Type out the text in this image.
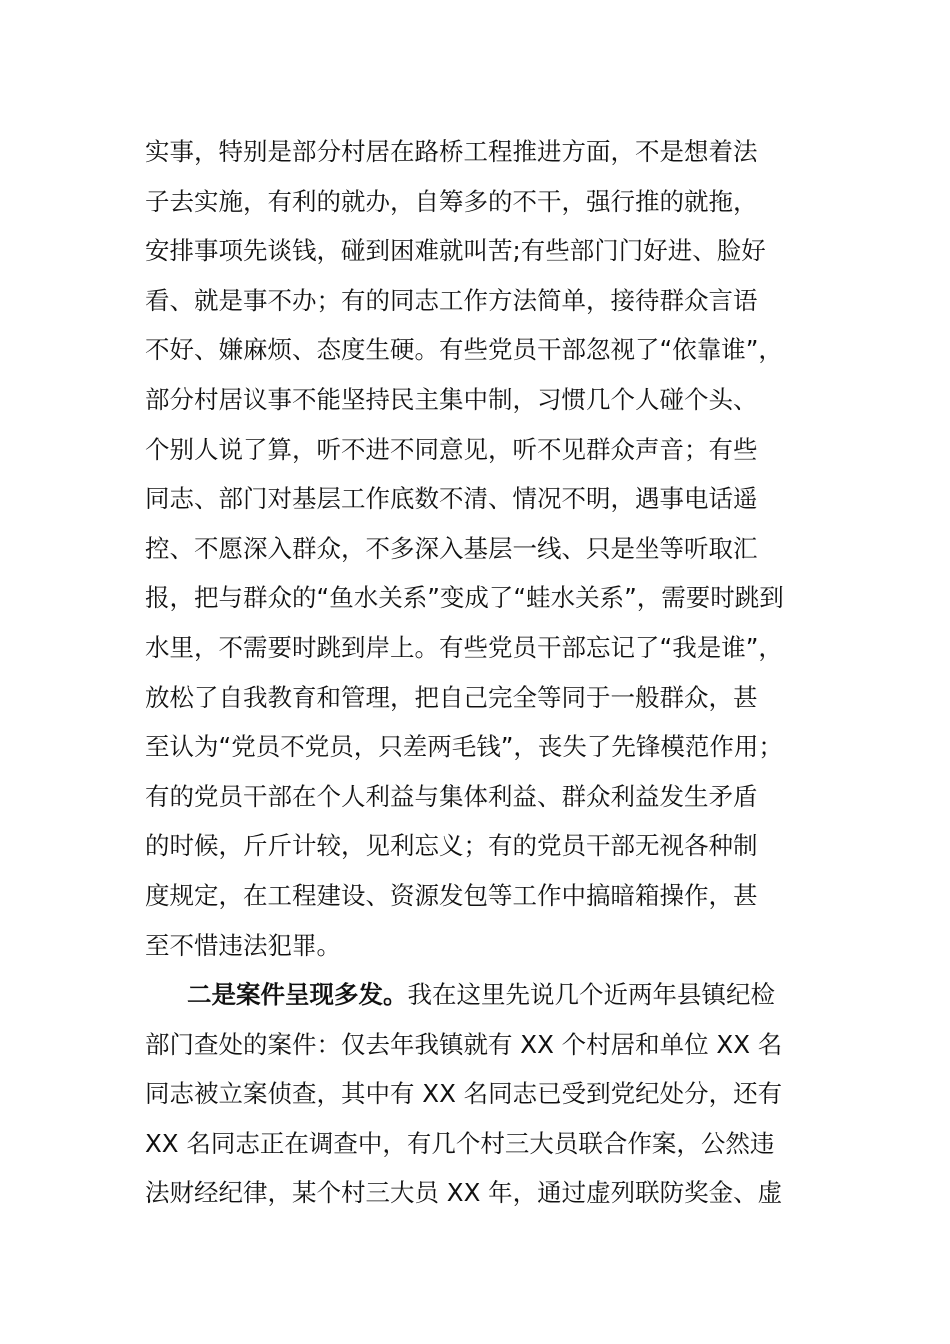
实事，特别是部分村居在路桥工程推进方面，不是想着法
子去实施，有利的就办，自筹多的不干，强行推的就拖，
安排事项先谈钱，碰到困难就叫苦;有些部门门好进、脸好
看、就是事不办；有的同志工作方法简单，接待群众言语
不好、嫌麻烦、态度生硬。有些党员干部忽视了“依靠谁”，
部分村居议事不能坚持民主集中制，习惯几个人碰个头、
个别人说了算，听不进不同意见，听不见群众声音；有些
同志、部门对基层工作底数不清、情况不明，遇事电话遥
控、不愿深入群众，不多深入基层一线、只是坐等听取汇
报，把与群众的“鱼水关系”变成了“蛙水关系”，需要时跳到
水里，不需要时跳到岸上。有些党员干部忘记了“我是谁”，
放松了自我教育和管理，把自己完全等同于一般群众，甚
至认为“党员不党员，只差两毛钱”，丧失了先锋模范作用；
有的党员干部在个人利益与集体利益、群众利益发生矛盾
的时候，斤斤计较，见利忘义；有的党员干部无视各种制
度规定，在工程建设、资源发包等工作中搞暗箱操作，甚
至不惜违法犯罪。
二是案件呈现多发。我在这里先说几个近两年县镇纪检
部门查处的案件：仅去年我镇就有 XX 个村居和单位 XX 名
同志被立案侦查，其中有 XX 名同志已受到党纪处分，还有
XX 名同志正在调查中，有几个村三大员联合作案，公然违
法财经纪律，某个村三大员 XX 年，通过虚列联防奖金、虚
